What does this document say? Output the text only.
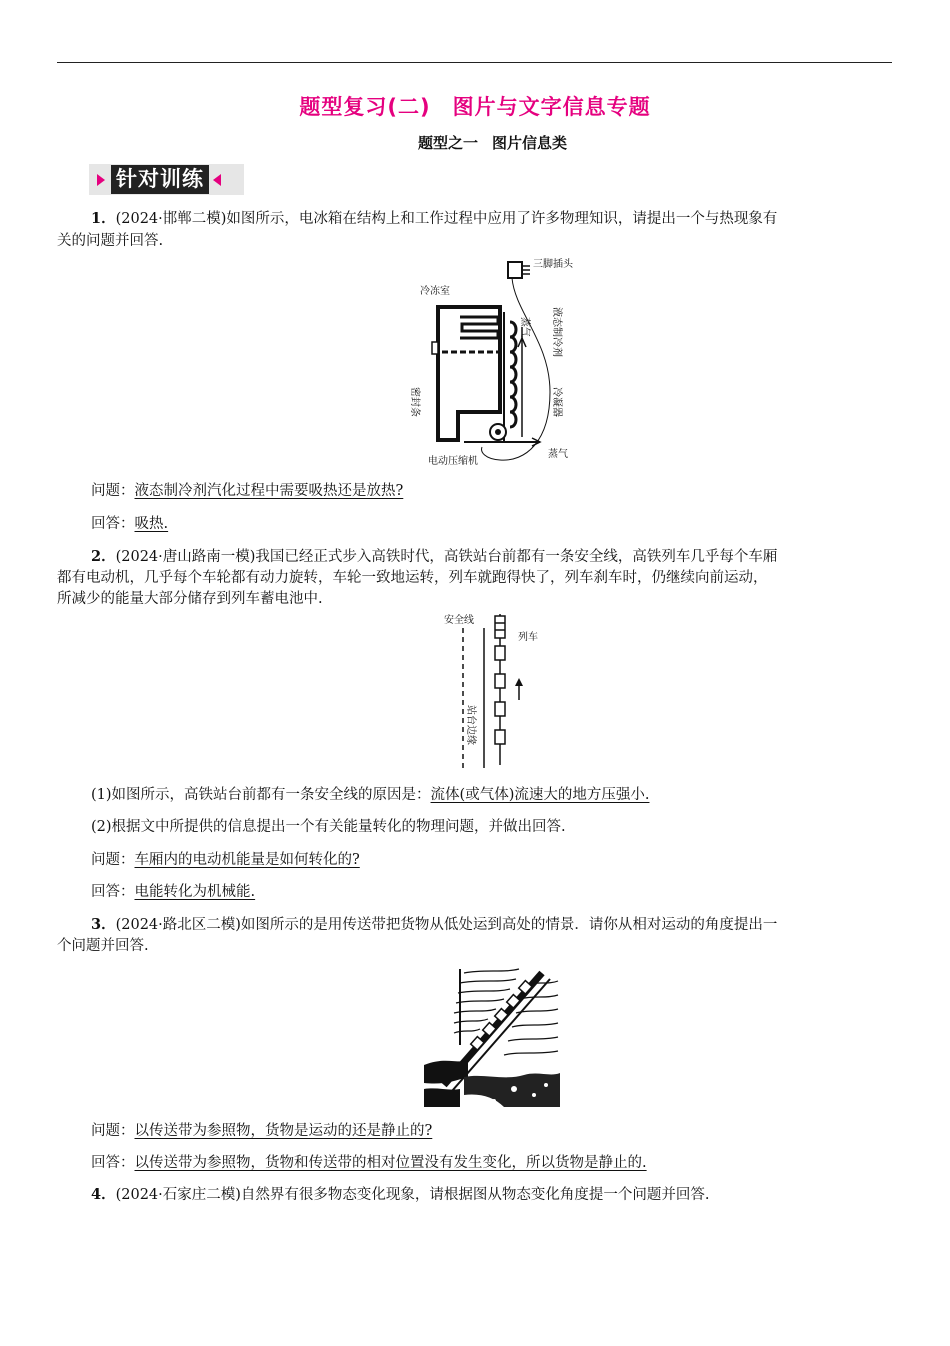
题型复习(二) 图片与文字信息专题
题型之一 图片信息类
针对训练
1．(2024·邯郸二模)如图所示，电冰箱在结构上和工作过程中应用了许多物理知识，请提出一个与热现象有
关的问题并回答.
三脚插头
冷冻室
蒸气 液态制冷剂
冷凝器
密封条
电动压缩机
蒸气
问题：液态制冷剂汽化过程中需要吸热还是放热?
回答：吸热.
2．(2024·唐山路南一模)我国已经正式步入高铁时代，高铁站台前都有一条安全线，高铁列车几乎每个车厢
都有电动机，几乎每个车轮都有动力旋转，车轮一致地运转，列车就跑得快了，列车刹车时，仍继续向前运动，
所减少的能量大部分储存到列车蓄电池中.
安全线
列车
站台边缘
(1)如图所示，高铁站台前都有一条安全线的原因是：流体(或气体)流速大的地方压强小.
(2)根据文中所提供的信息提出一个有关能量转化的物理问题，并做出回答.
问题：车厢内的电动机能量是如何转化的?
回答：电能转化为机械能.
3．(2024·路北区二模)如图所示的是用传送带把货物从低处运到高处的情景．请你从相对运动的角度提出一
个问题并回答.
问题：以传送带为参照物，货物是运动的还是静止的?
回答：以传送带为参照物，货物和传送带的相对位置没有发生变化，所以货物是静止的.
4．(2024·石家庄二模)自然界有很多物态变化现象，请根据图从物态变化角度提一个问题并回答.
